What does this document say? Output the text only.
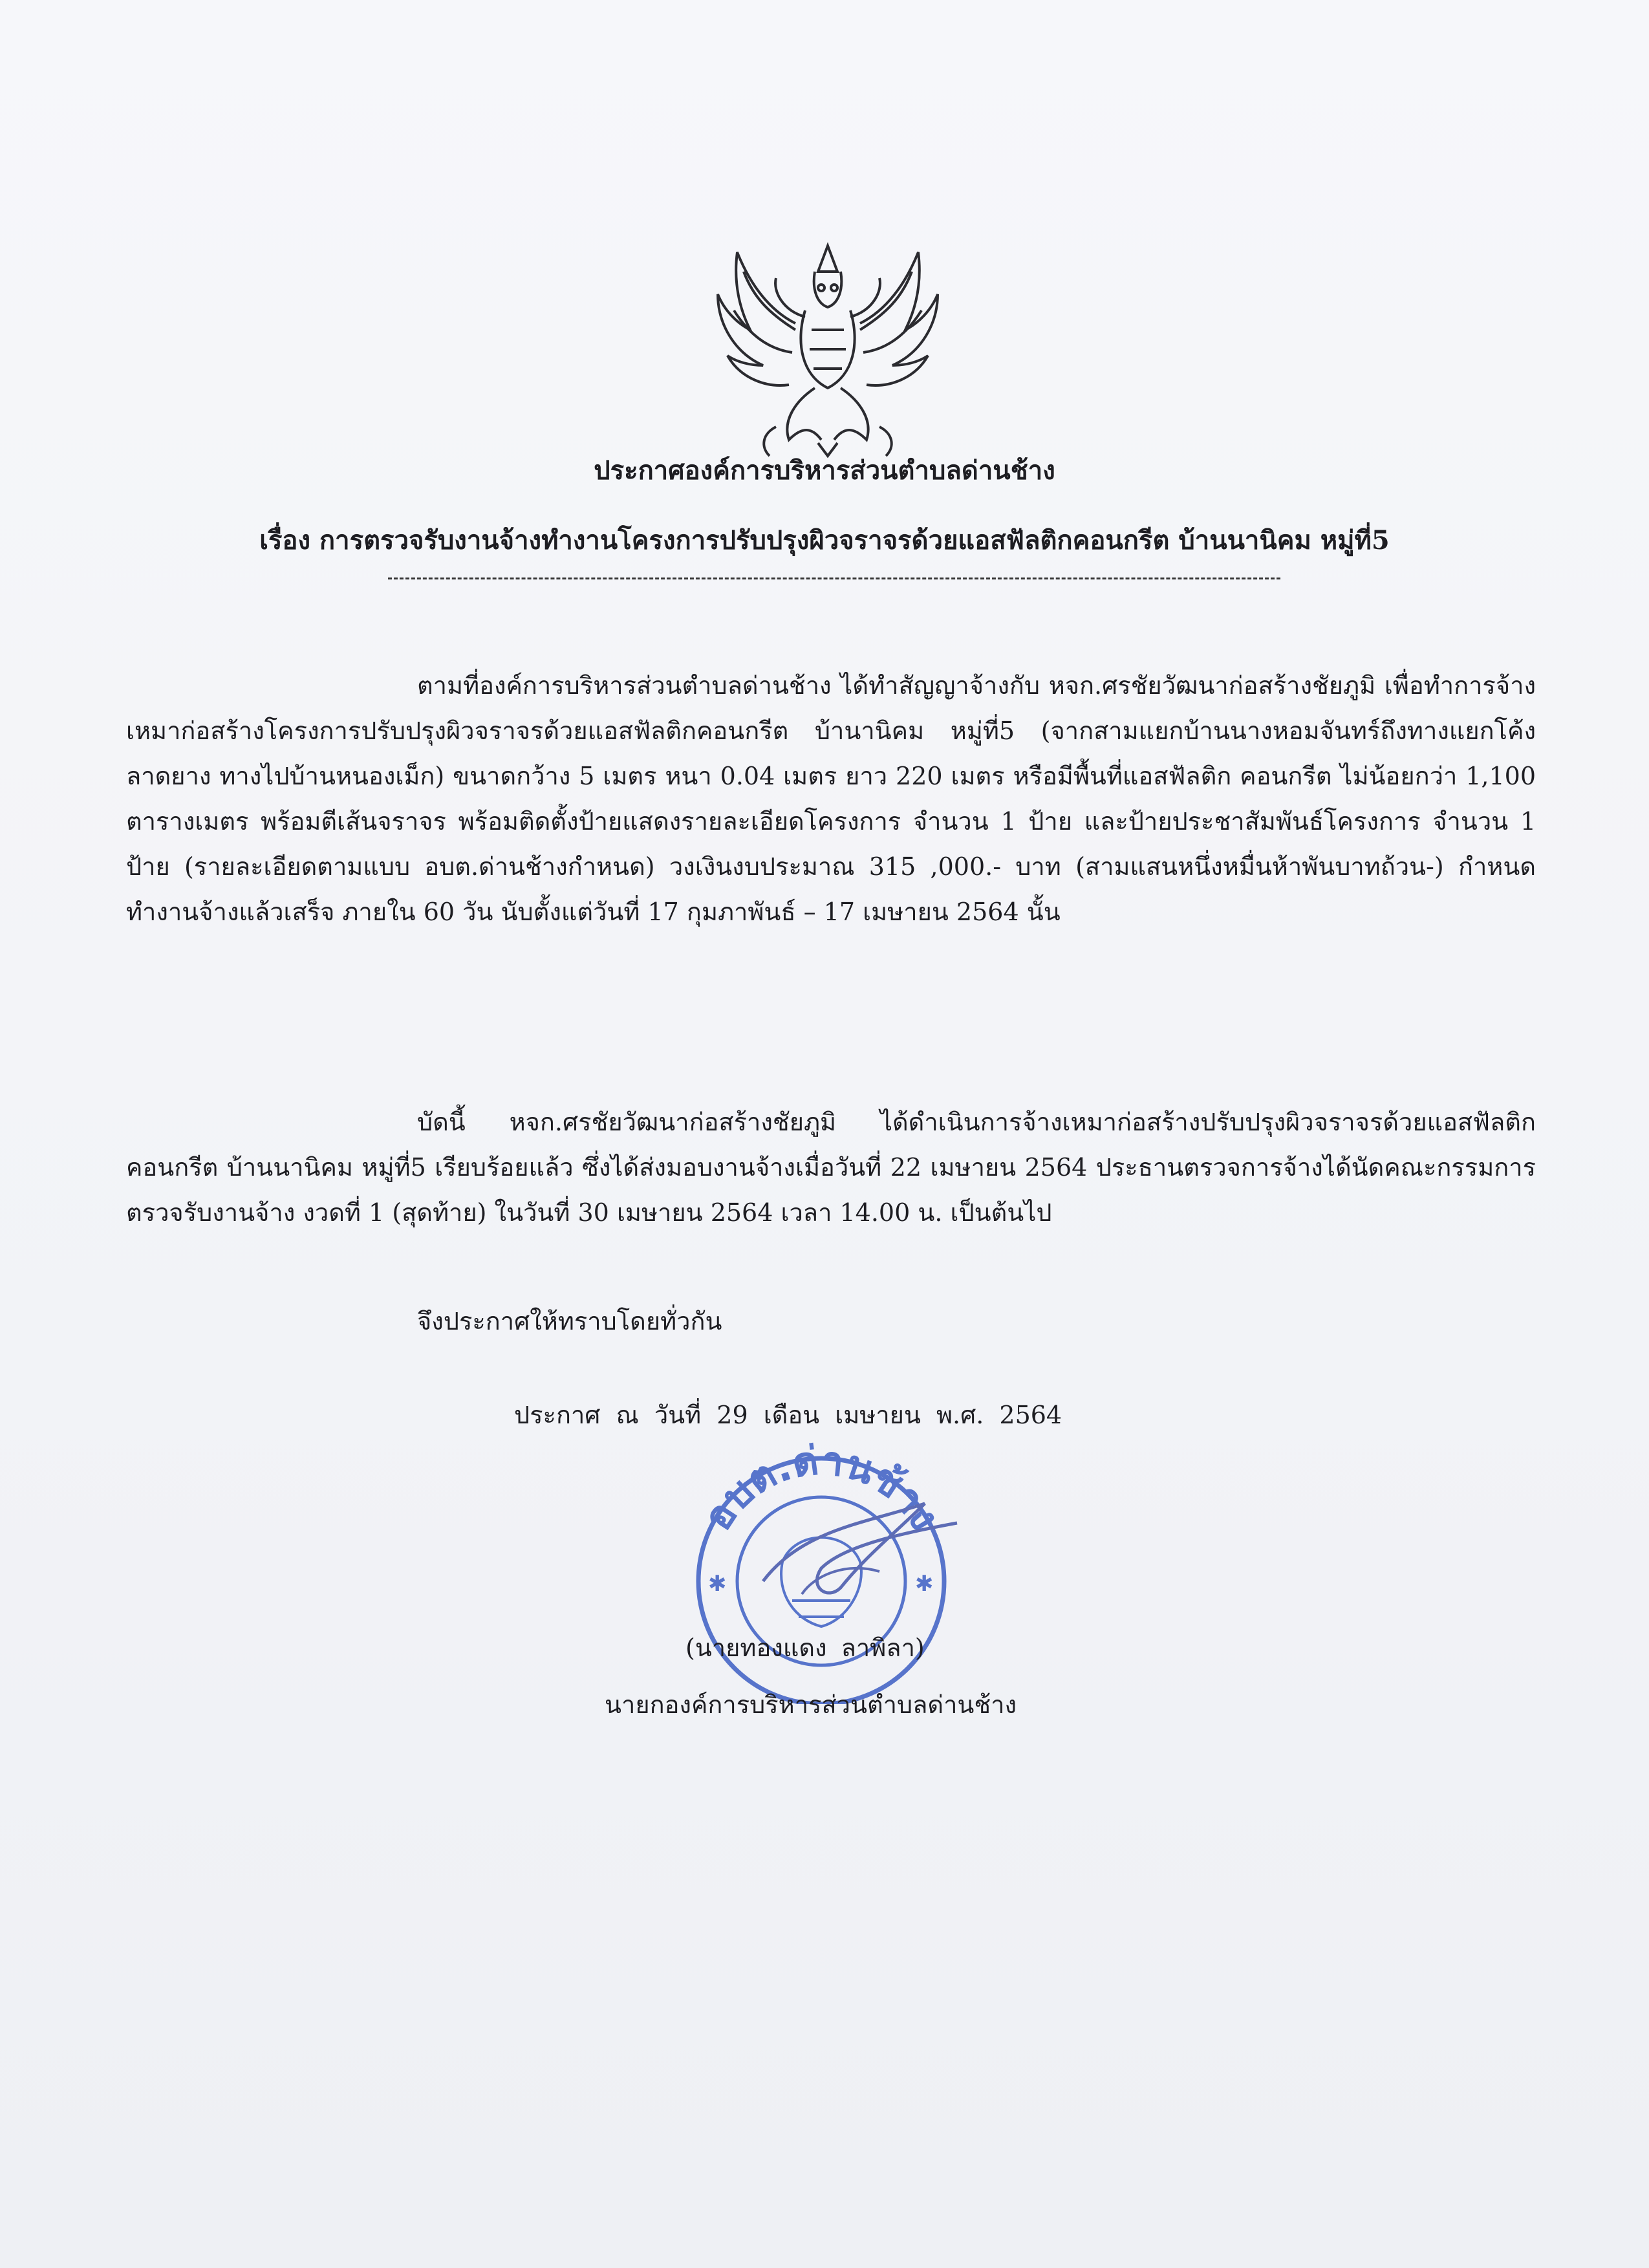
ประกาศองค์การบริหารส่วนตำบลด่านช้าง
เรื่อง การตรวจรับงานจ้างทำงานโครงการปรับปรุงผิวจราจรด้วยแอสฟัลติกคอนกรีต บ้านนานิคม หมู่ที่5
ตามที่องค์การบริหารส่วนตำบลด่านช้าง ได้ทำสัญญาจ้างกับ หจก.ศรชัยวัฒนาก่อสร้างชัยภูมิ เพื่อทำการจ้างเหมาก่อสร้างโครงการปรับปรุงผิวจราจรด้วยแอสฟัลติกคอนกรีต บ้านานิคม หมู่ที่5 (จากสามแยกบ้านนางหอมจันทร์ถึงทางแยกโค้งลาดยาง ทางไปบ้านหนองเม็ก) ขนาดกว้าง 5 เมตร หนา 0.04 เมตร ยาว 220 เมตร หรือมีพื้นที่แอสฟัลติก คอนกรีต ไม่น้อยกว่า 1,100 ตารางเมตร พร้อมตีเส้นจราจร พร้อมติดตั้งป้ายแสดงรายละเอียดโครงการ จำนวน 1 ป้าย และป้ายประชาสัมพันธ์โครงการ จำนวน 1 ป้าย (รายละเอียดตามแบบ อบต.ด่านช้างกำหนด) วงเงินงบประมาณ 315 ,000.- บาท (สามแสนหนึ่งหมื่นห้าพันบาทถ้วน-) กำหนดทำงานจ้างแล้วเสร็จ ภายใน 60 วัน นับตั้งแต่วันที่ 17 กุมภาพันธ์ – 17 เมษายน 2564 นั้น
บัดนี้ หจก.ศรชัยวัฒนาก่อสร้างชัยภูมิ ได้ดำเนินการจ้างเหมาก่อสร้างปรับปรุงผิวจราจรด้วยแอสฟัลติกคอนกรีต บ้านนานิคม หมู่ที่5 เรียบร้อยแล้ว ซึ่งได้ส่งมอบงานจ้างเมื่อวันที่ 22 เมษายน 2564 ประธานตรวจการจ้างได้นัดคณะกรรมการตรวจรับงานจ้าง งวดที่ 1 (สุดท้าย) ในวันที่ 30 เมษายน 2564 เวลา 14.00 น. เป็นต้นไป
จึงประกาศให้ทราบโดยทั่วกัน
ประกาศ ณ วันที่ 29 เดือน เมษายน พ.ศ. 2564
อบต.ด่านช้าง
✱	✱
(นายทองแดง ลาพิลา)
นายกองค์การบริหารส่วนตำบลด่านช้าง
